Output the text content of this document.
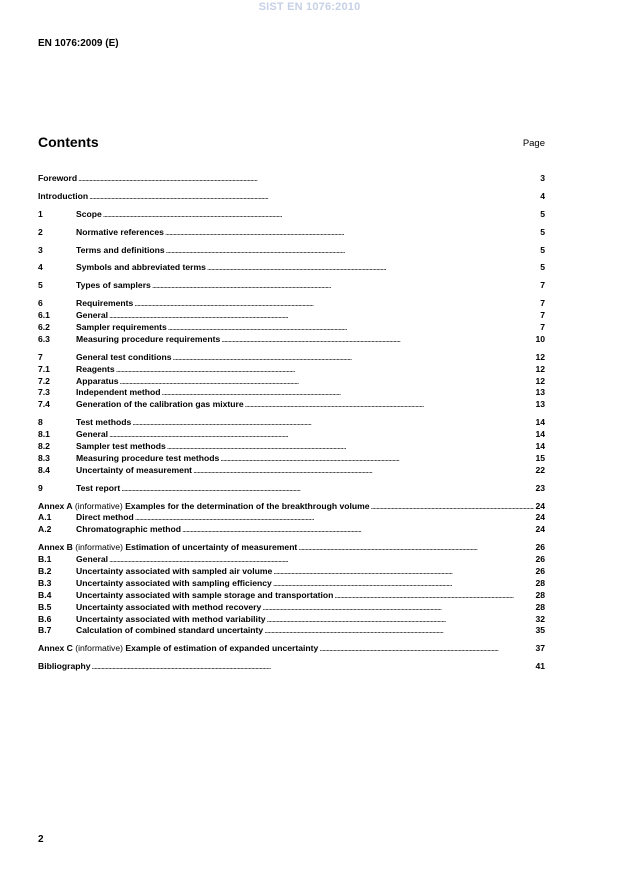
SIST EN 1076:2010
EN 1076:2009 (E)
Contents	Page
Foreword . . .	3
Introduction . . .	4
1	Scope . . .	5
2	Normative references . . .	5
3	Terms and definitions . . .	5
4	Symbols and abbreviated terms . . .	5
5	Types of samplers . . .	7
6	Requirements . . .	7
6.1	General . . .	7
6.2	Sampler requirements . . .	7
6.3	Measuring procedure requirements . . .	10
7	General test conditions . . .	12
7.1	Reagents . . .	12
7.2	Apparatus . . .	12
7.3	Independent method . . .	13
7.4	Generation of the calibration gas mixture . . .	13
8	Test methods . . .	14
8.1	General . . .	14
8.2	Sampler test methods . . .	14
8.3	Measuring procedure test methods . . .	15
8.4	Uncertainty of measurement . . .	22
9	Test report . . .	23
Annex A (informative) Examples for the determination of the breakthrough volume . . .	24
A.1	Direct method . . .	24
A.2	Chromatographic method . . .	24
Annex B (informative) Estimation of uncertainty of measurement . . .	26
B.1	General . . .	26
B.2	Uncertainty associated with sampled air volume . . .	26
B.3	Uncertainty associated with sampling efficiency . . .	28
B.4	Uncertainty associated with sample storage and transportation . . .	28
B.5	Uncertainty associated with method recovery . . .	28
B.6	Uncertainty associated with method variability . . .	32
B.7	Calculation of combined standard uncertainty . . .	35
Annex C (informative) Example of estimation of expanded uncertainty . . .	37
Bibliography . . .	41
2
